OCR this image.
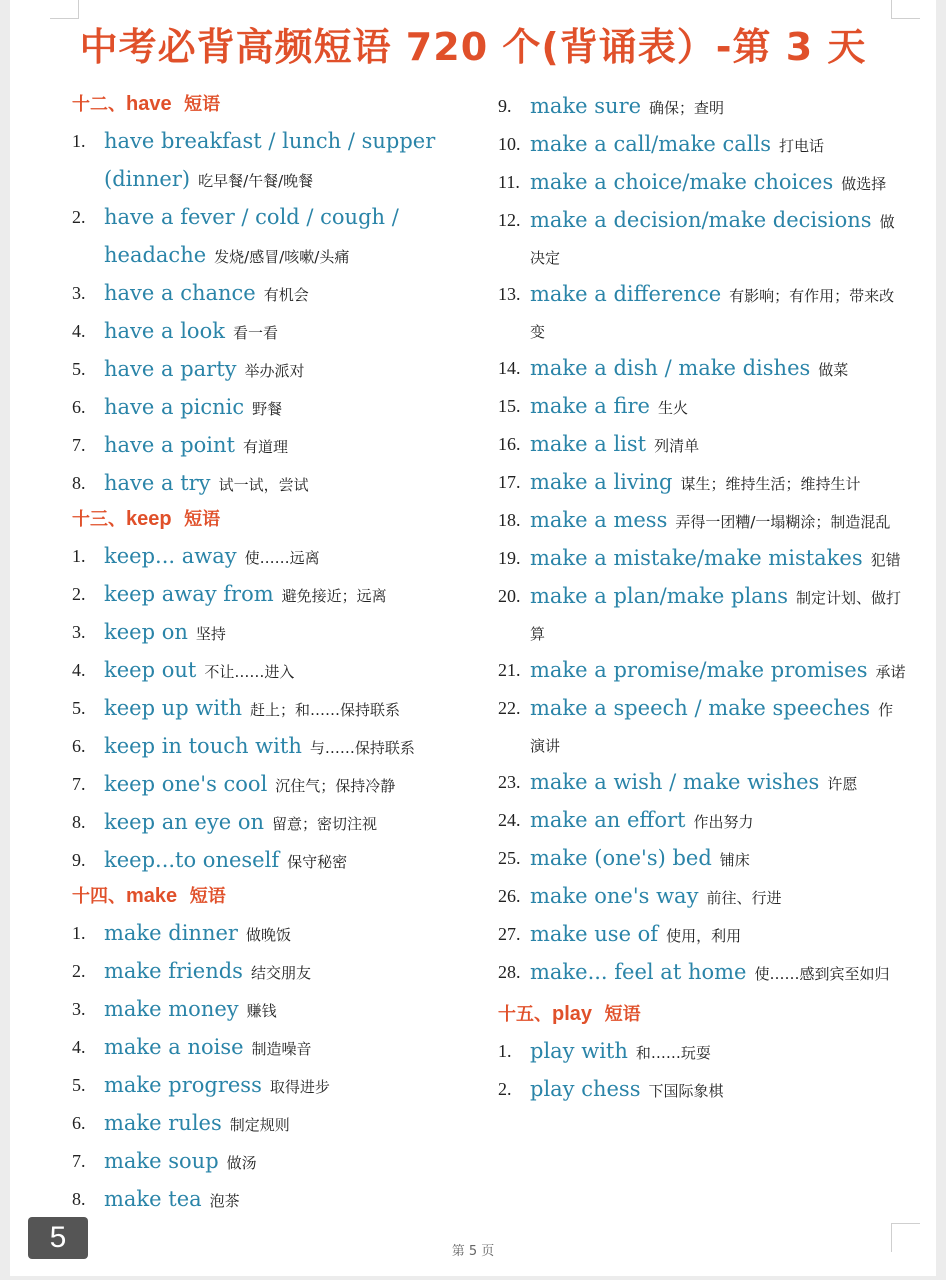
中考必背高频短语 720 个(背诵表）-第 3 天
十二、have 短语
1. have breakfast / lunch / supper (dinner) 吃早餐/午餐/晚餐
2. have a fever / cold / cough / headache 发烧/感冒/咳嗽/头痛
3. have a chance 有机会
4. have a look 看一看
5. have a party 举办派对
6. have a picnic 野餐
7. have a point 有道理
8. have a try 试一试，尝试
十三、keep 短语
1. keep... away 使……远离
2. keep away from 避免接近；远离
3. keep on 坚持
4. keep out 不让……进入
5. keep up with 赶上；和……保持联系
6. keep in touch with 与……保持联系
7. keep one's cool 沉住气；保持冷静
8. keep an eye on 留意；密切注视
9. keep...to oneself 保守秘密
十四、make 短语
1. make dinner 做晚饭
2. make friends 结交朋友
3. make money 赚钱
4. make a noise 制造噪音
5. make progress 取得进步
6. make rules 制定规则
7. make soup 做汤
8. make tea 泡茶
9. make sure 确保；查明
10. make a call/make calls 打电话
11. make a choice/make choices 做选择
12. make a decision/make decisions 做决定
13. make a difference 有影响；有作用；带来改变
14. make a dish / make dishes 做菜
15. make a fire 生火
16. make a list 列清单
17. make a living 谋生；维持生活；维持生计
18. make a mess 弄得一团糟/一塌糊涂；制造混乱
19. make a mistake/make mistakes 犯错
20. make a plan/make plans 制定计划、做打算
21. make a promise/make promises 承诺
22. make a speech / make speeches 作演讲
23. make a wish / make wishes 许愿
24. make an effort 作出努力
25. make (one's) bed 铺床
26. make one's way 前往、行进
27. make use of 使用，利用
28. make... feel at home 使……感到宾至如归
十五、play 短语
1. play with 和……玩耍
2. play chess 下国际象棋
第 5 页
5
